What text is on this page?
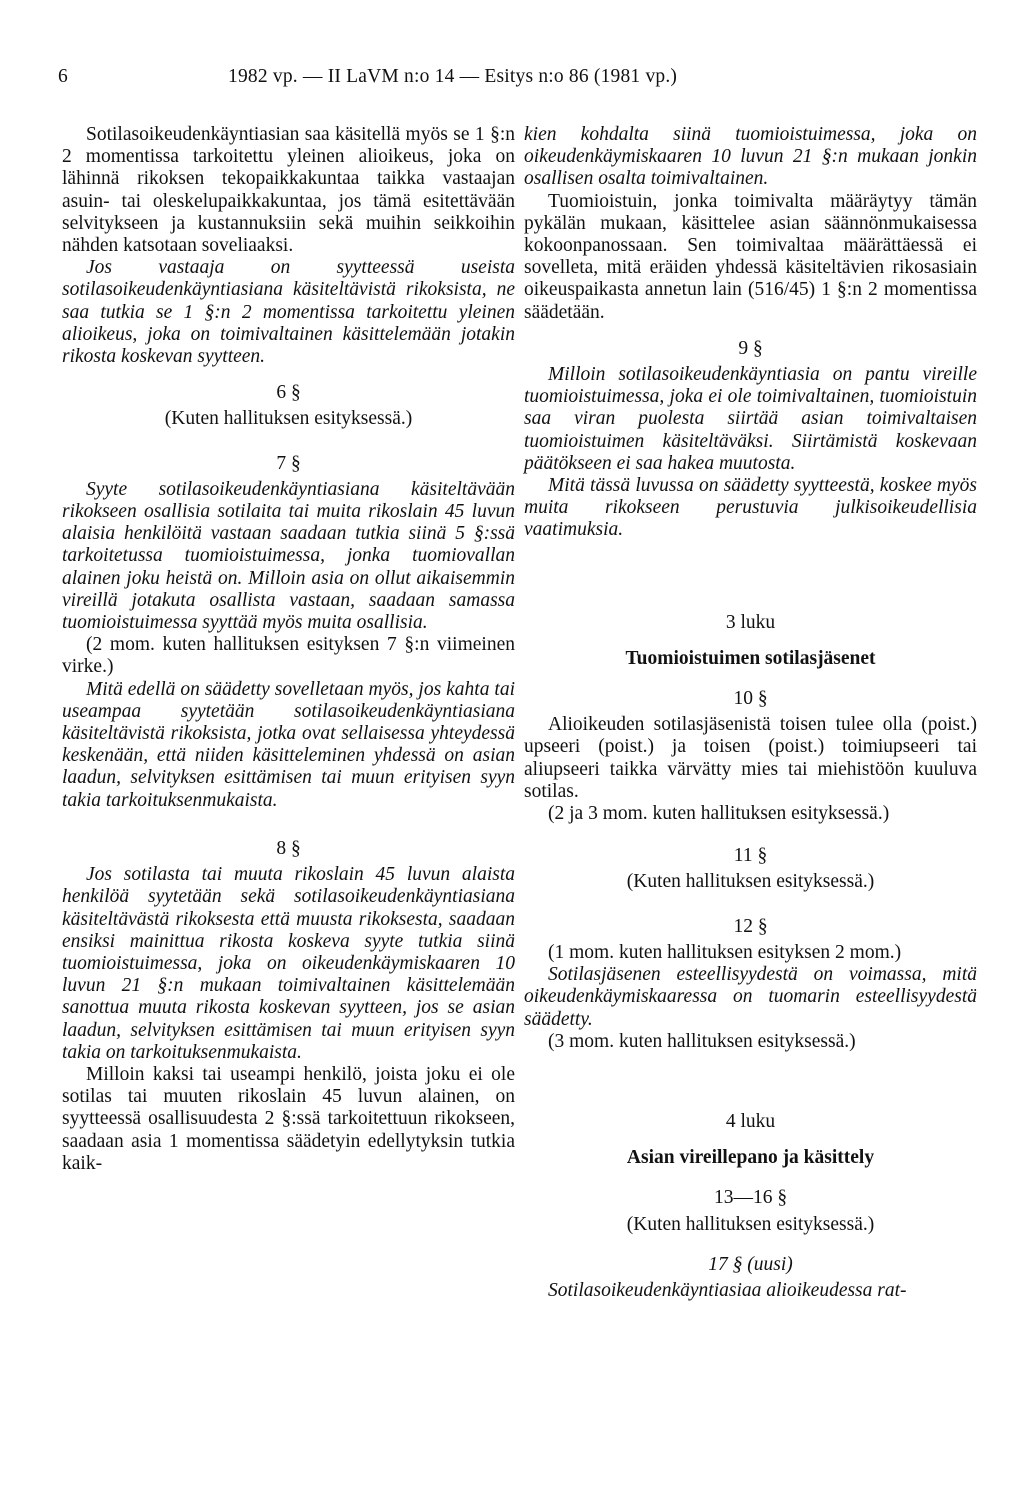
6	1982 vp. — II LaVM n:o 14 — Esitys n:o 86 (1981 vp.)

Sotilasoikeudenkäyntiasian saa käsitellä myös se 1 §:n 2 momentissa tarkoitettu yleinen alioikeus, joka on lähinnä rikoksen tekopaikkakuntaa taikka vastaajan asuin- tai oleskelupaikkakuntaa, jos tämä esitettävään selvitykseen ja kustannuksiin sekä muihin seikkoihin nähden katsotaan soveliaaksi.

Jos vastaaja on syytteessä useista sotilasoikeudenkäyntiasiana käsiteltävistä rikoksista, ne saa tutkia se 1 §:n 2 momentissa tarkoitettu yleinen alioikeus, joka on toimivaltainen käsittelemään jotakin rikosta koskevan syytteen.

6 §

(Kuten hallituksen esityksessä.)

7 §

Syyte sotilasoikeudenkäyntiasiana käsiteltävään rikokseen osallisia sotilaita tai muita rikoslain 45 luvun alaisia henkilöitä vastaan saadaan tutkia siinä 5 §:ssä tarkoitetussa tuomioistuimessa, jonka tuomiovallan alainen joku heistä on. Milloin asia on ollut aikaisemmin vireillä jotakuta osallista vastaan, saadaan samassa tuomioistuimessa syyttää myös muita osallisia.

(2 mom. kuten hallituksen esityksen 7 §:n viimeinen virke.)

Mitä edellä on säädetty sovelletaan myös, jos kahta tai useampaa syytetään sotilasoikeudenkäyntiasiana käsiteltävistä rikoksista, jotka ovat sellaisessa yhteydessä keskenään, että niiden käsitteleminen yhdessä on asian laadun, selvityksen esittämisen tai muun erityisen syyn takia tarkoituksenmukaista.

8 §

Jos sotilasta tai muuta rikoslain 45 luvun alaista henkilöä syytetään sekä sotilasoikeudenkäyntiasiana käsiteltävästä rikoksesta että muusta rikoksesta, saadaan ensiksi mainittua rikosta koskeva syyte tutkia siinä tuomioistuimessa, joka on oikeudenkäymiskaaren 10 luvun 21 §:n mukaan toimivaltainen käsittelemään sanottua muuta rikosta koskevan syytteen, jos se asian laadun, selvityksen esittämisen tai muun erityisen syyn takia on tarkoituksenmukaista.

Milloin kaksi tai useampi henkilö, joista joku ei ole sotilas tai muuten rikoslain 45 luvun alainen, on syytteessä osallisuudesta 2 §:ssä tarkoitettuun rikokseen, saadaan asia 1 momentissa säädetyin edellytyksin tutkia kaik-

kien kohdalta siinä tuomioistuimessa, joka on oikeudenkäymiskaaren 10 luvun 21 §:n mukaan jonkin osallisen osalta toimivaltainen.

Tuomioistuin, jonka toimivalta määräytyy tämän pykälän mukaan, käsittelee asian säännönmukaisessa kokoonpanossaan. Sen toimivaltaa määrättäessä ei sovelleta, mitä eräiden yhdessä käsiteltävien rikosasiain oikeuspaikasta annetun lain (516/45) 1 §:n 2 momentissa säädetään.

9 §

Milloin sotilasoikeudenkäyntiasia on pantu vireille tuomioistuimessa, joka ei ole toimivaltainen, tuomioistuin saa viran puolesta siirtää asian toimivaltaisen tuomioistuimen käsiteltäväksi. Siirtämistä koskevaan päätökseen ei saa hakea muutosta.

Mitä tässä luvussa on säädetty syytteestä, koskee myös muita rikokseen perustuvia julkisoikeudellisia vaatimuksia.

3 luku
Tuomioistuimen sotilasjäsenet
10 §

Alioikeuden sotilasjäsenistä toisen tulee olla (poist.) upseeri (poist.) ja toisen (poist.) toimiupseeri tai aliupseeri taikka värvätty mies tai miehistöön kuuluva sotilas.

(2 ja 3 mom. kuten hallituksen esityksessä.)

11 §

(Kuten hallituksen esityksessä.)

12 §

(1 mom. kuten hallituksen esityksen 2 mom.)

Sotilasjäsenen esteellisyydestä on voimassa, mitä oikeudenkäymiskaaressa on tuomarin esteellisyydestä säädetty.

(3 mom. kuten hallituksen esityksessä.)

4 luku
Asian vireillepano ja käsittely
13—16 §

(Kuten hallituksen esityksessä.)

17 § (uusi)

Sotilasoikeudenkäyntiasiaa alioikeudessa rat-
